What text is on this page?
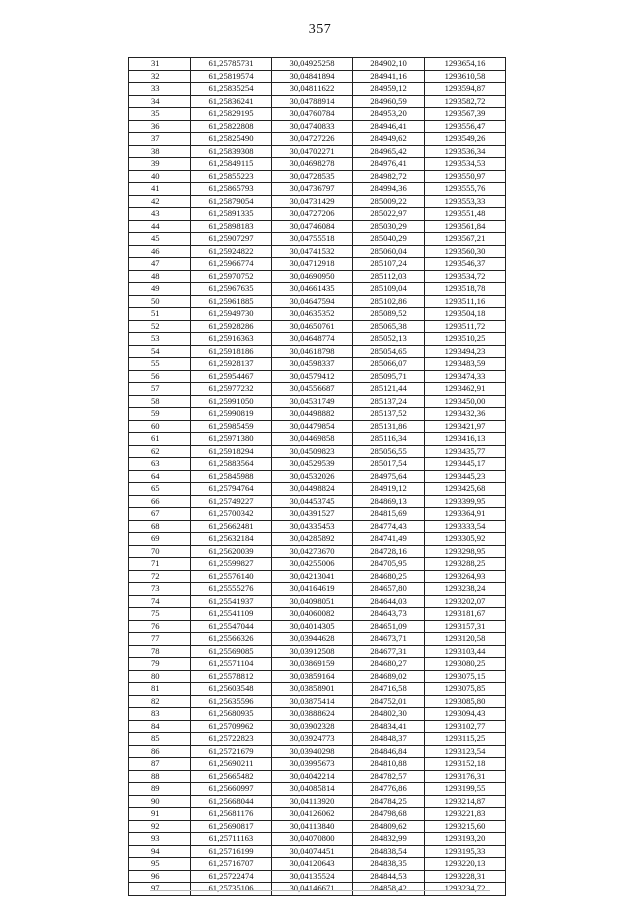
357
31	61,25785731	30,04925258	284902,10	1293654,16
32	61,25819574	30,04841894	284941,16	1293610,58
33	61,25835254	30,04811622	284959,12	1293594,87
34	61,25836241	30,04788914	284960,59	1293582,72
35	61,25829195	30,04760784	284953,20	1293567,39
36	61,25822808	30,04740833	284946,41	1293556,47
37	61,25825490	30,04727226	284949,62	1293549,26
38	61,25839308	30,04702271	284965,42	1293536,34
39	61,25849115	30,04698278	284976,41	1293534,53
40	61,25855223	30,04728535	284982,72	1293550,97
41	61,25865793	30,04736797	284994,36	1293555,76
42	61,25879054	30,04731429	285009,22	1293553,33
43	61,25891335	30,04727206	285022,97	1293551,48
44	61,25898183	30,04746084	285030,29	1293561,84
45	61,25907297	30,04755518	285040,29	1293567,21
46	61,25924822	30,04741532	285060,04	1293560,30
47	61,25966774	30,04712918	285107,24	1293546,37
48	61,25970752	30,04690950	285112,03	1293534,72
49	61,25967635	30,04661435	285109,04	1293518,78
50	61,25961885	30,04647594	285102,86	1293511,16
51	61,25949730	30,04635352	285089,52	1293504,18
52	61,25928286	30,04650761	285065,38	1293511,72
53	61,25916363	30,04648774	285052,13	1293510,25
54	61,25918186	30,04618798	285054,65	1293494,23
55	61,25928137	30,04598337	285066,07	1293483,59
56	61,25954467	30,04579412	285095,71	1293474,33
57	61,25977232	30,04556687	285121,44	1293462,91
58	61,25991050	30,04531749	285137,24	1293450,00
59	61,25990819	30,04498882	285137,52	1293432,36
60	61,25985459	30,04479854	285131,86	1293421,97
61	61,25971380	30,04469858	285116,34	1293416,13
62	61,25918294	30,04509823	285056,55	1293435,77
63	61,25883564	30,04529539	285017,54	1293445,17
64	61,25845988	30,04532026	284975,64	1293445,23
65	61,25794764	30,04498824	284919,12	1293425,68
66	61,25749227	30,04453745	284869,13	1293399,95
67	61,25700342	30,04391527	284815,69	1293364,91
68	61,25662481	30,04335453	284774,43	1293333,54
69	61,25632184	30,04285892	284741,49	1293305,92
70	61,25620039	30,04273670	284728,16	1293298,95
71	61,25599827	30,04255006	284705,95	1293288,25
72	61,25576140	30,04213041	284680,25	1293264,93
73	61,25555276	30,04164619	284657,80	1293238,24
74	61,25541937	30,04098051	284644,03	1293202,07
75	61,25541109	30,04060082	284643,73	1293181,67
76	61,25547044	30,04014305	284651,09	1293157,31
77	61,25566326	30,03944628	284673,71	1293120,58
78	61,25569085	30,03912508	284677,31	1293103,44
79	61,25571104	30,03869159	284680,27	1293080,25
80	61,25578812	30,03859164	284689,02	1293075,15
81	61,25603548	30,03858901	284716,58	1293075,85
82	61,25635596	30,03875414	284752,01	1293085,80
83	61,25680935	30,03888624	284802,30	1293094,43
84	61,25709962	30,03902328	284834,41	1293102,77
85	61,25722823	30,03924773	284848,37	1293115,25
86	61,25721679	30,03940298	284846,84	1293123,54
87	61,25690211	30,03995673	284810,88	1293152,18
88	61,25665482	30,04042214	284782,57	1293176,31
89	61,25660997	30,04085814	284776,86	1293199,55
90	61,25668044	30,04113920	284784,25	1293214,87
91	61,25681176	30,04126062	284798,68	1293221,83
92	61,25690817	30,04113840	284809,62	1293215,60
93	61,25711163	30,04070800	284832,99	1293193,20
94	61,25716199	30,04074451	284838,54	1293195,33
95	61,25716707	30,04120643	284838,35	1293220,13
96	61,25722474	30,04135524	284844,53	1293228,31
97	61,25735106	30,04146671	284858,42	1293234,72
